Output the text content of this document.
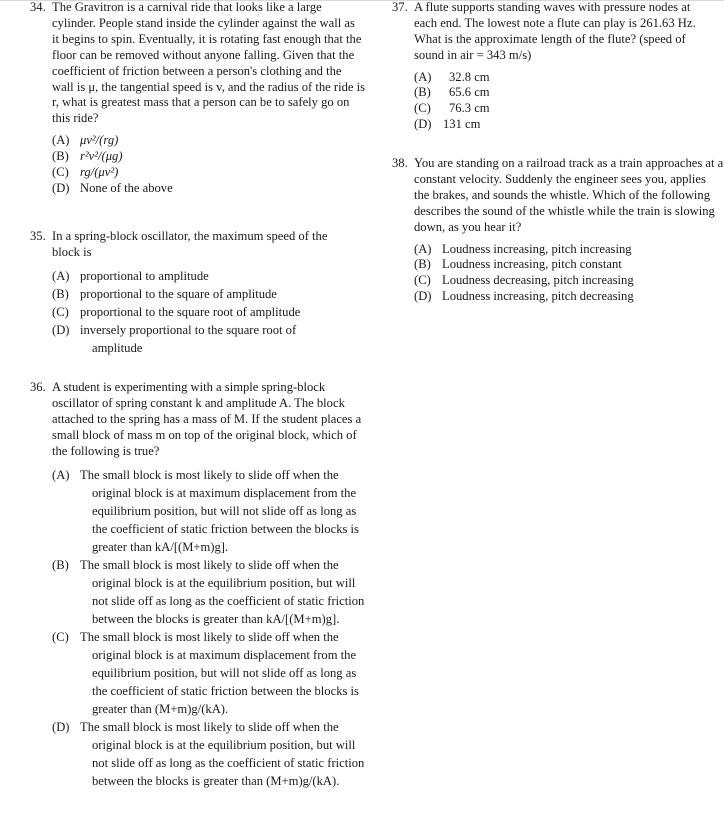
34. The Gravitron is a carnival ride that looks like a large cylinder. People stand inside the cylinder against the wall as it begins to spin. Eventually, it is rotating fast enough that the floor can be removed without anyone falling. Given that the coefficient of friction between a person's clothing and the wall is μ, the tangential speed is v, and the radius of the ride is r, what is greatest mass that a person can be to safely go on this ride?
(A) μv²/(rg)
(B) r²v²/(μg)
(C) rg/(μv²)
(D) None of the above
35. In a spring-block oscillator, the maximum speed of the block is
(A) proportional to amplitude
(B) proportional to the square of amplitude
(C) proportional to the square root of amplitude
(D) inversely proportional to the square root of amplitude
36. A student is experimenting with a simple spring-block oscillator of spring constant k and amplitude A. The block attached to the spring has a mass of M. If the student places a small block of mass m on top of the original block, which of the following is true?
(A) The small block is most likely to slide off when the original block is at maximum displacement from the equilibrium position, but will not slide off as long as the coefficient of static friction between the blocks is greater than kA/[(M+m)g].
(B) The small block is most likely to slide off when the original block is at the equilibrium position, but will not slide off as long as the coefficient of static friction between the blocks is greater than kA/[(M+m)g].
(C) The small block is most likely to slide off when the original block is at maximum displacement from the equilibrium position, but will not slide off as long as the coefficient of static friction between the blocks is greater than (M+m)g/(kA).
(D) The small block is most likely to slide off when the original block is at the equilibrium position, but will not slide off as long as the coefficient of static friction between the blocks is greater than (M+m)g/(kA).
37. A flute supports standing waves with pressure nodes at each end. The lowest note a flute can play is 261.63 Hz. What is the approximate length of the flute? (speed of sound in air = 343 m/s)
(A)	32.8 cm
(B)	65.6 cm
(C)	76.3 cm
(D) 131 cm
38. You are standing on a railroad track as a train approaches at a constant velocity. Suddenly the engineer sees you, applies the brakes, and sounds the whistle. Which of the following describes the sound of the whistle while the train is slowing down, as you hear it?
(A) Loudness increasing, pitch increasing
(B) Loudness increasing, pitch constant
(C) Loudness decreasing, pitch increasing
(D) Loudness increasing, pitch decreasing
